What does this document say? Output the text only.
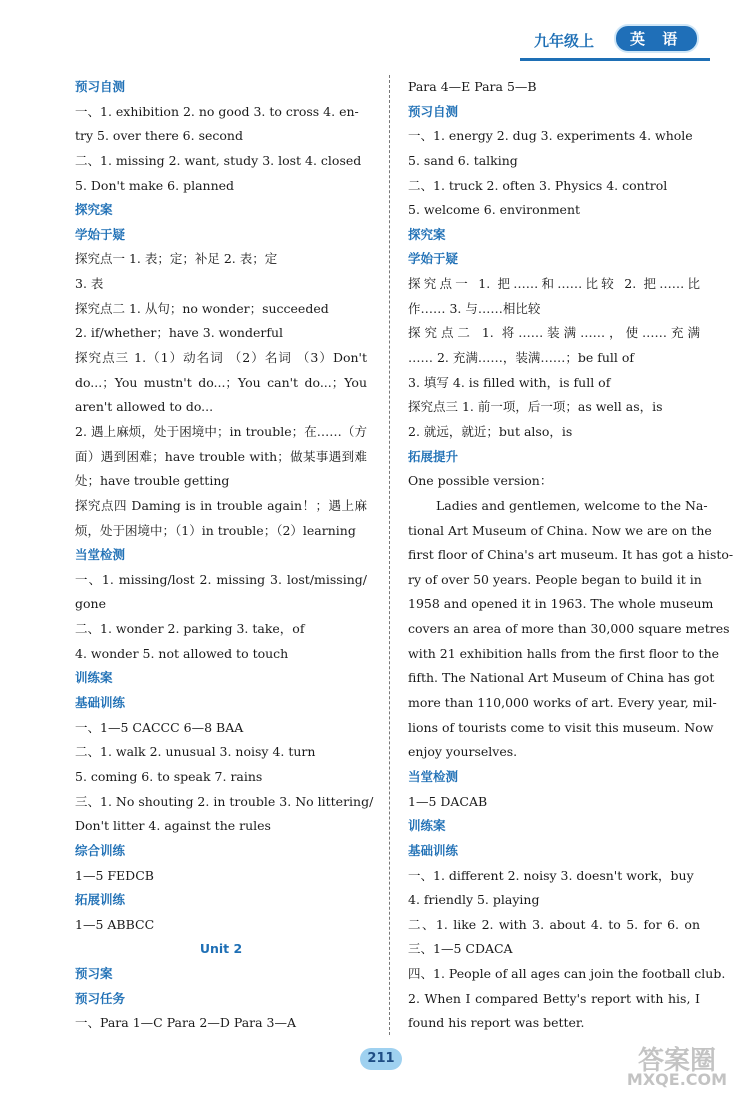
九年级上	英 语
预习自测
一、1. exhibition 2. no good 3. to cross 4. en-
try 5. over there 6. second
二、1. missing 2. want, study 3. lost 4. closed
5. Don't make 6. planned
探究案
学始于疑
探究点一 1. 表；定；补足 2. 表；定
3. 表
探究点二 1. 从句；no wonder；succeeded
2. if/whether；have 3. wonderful
探究点三 1.（1）动名词 （2）名词 （3）Don't
do...；You mustn't do...；You can't do...；You
aren't allowed to do...
2. 遇上麻烦，处于困境中；in trouble；在……（方
面）遇到困难；have trouble with；做某事遇到难
处；have trouble getting
探究点四 Daming is in trouble again！；遇上麻
烦，处于困境中；（1）in trouble；（2）learning
当堂检测
一、1. missing/lost 2. missing 3. lost/missing/
gone
二、1. wonder 2. parking 3. take，of
4. wonder 5. not allowed to touch
训练案
基础训练
一、1—5 CACCC 6—8 BAA
二、1. walk 2. unusual 3. noisy 4. turn
5. coming 6. to speak 7. rains
三、1. No shouting 2. in trouble 3. No littering/
Don't litter 4. against the rules
综合训练
1—5 FEDCB
拓展训练
1—5 ABBCC
Unit 2
预习案
预习任务
一、Para 1—C Para 2—D Para 3—A
Para 4—E Para 5—B
预习自测
一、1. energy 2. dug 3. experiments 4. whole
5. sand 6. talking
二、1. truck 2. often 3. Physics 4. control
5. welcome 6. environment
探究案
学始于疑
探究点一 1. 把……和……比较 2. 把……比
作…… 3. 与……相比较
探究点二 1. 将……装满……，使……充满
…… 2. 充满……，装满……；be full of
3. 填写 4. is filled with，is full of
探究点三 1. 前一项，后一项；as well as，is
2. 就远，就近；but also，is
拓展提升
One possible version：
Ladies and gentlemen, welcome to the Na-
tional Art Museum of China. Now we are on the
first floor of China's art museum. It has got a histo-
ry of over 50 years. People began to build it in
1958 and opened it in 1963. The whole museum
covers an area of more than 30,000 square metres
with 21 exhibition halls from the first floor to the
fifth. The National Art Museum of China has got
more than 110,000 works of art. Every year, mil-
lions of tourists come to visit this museum. Now
enjoy yourselves.
当堂检测
1—5 DACAB
训练案
基础训练
一、1. different 2. noisy 3. doesn't work，buy
4. friendly 5. playing
二、1. like 2. with 3. about 4. to 5. for 6. on
三、1—5 CDACA
四、1. People of all ages can join the football club.
2. When I compared Betty's report with his, I
found his report was better.
211	答案圈
MXQE.COM
